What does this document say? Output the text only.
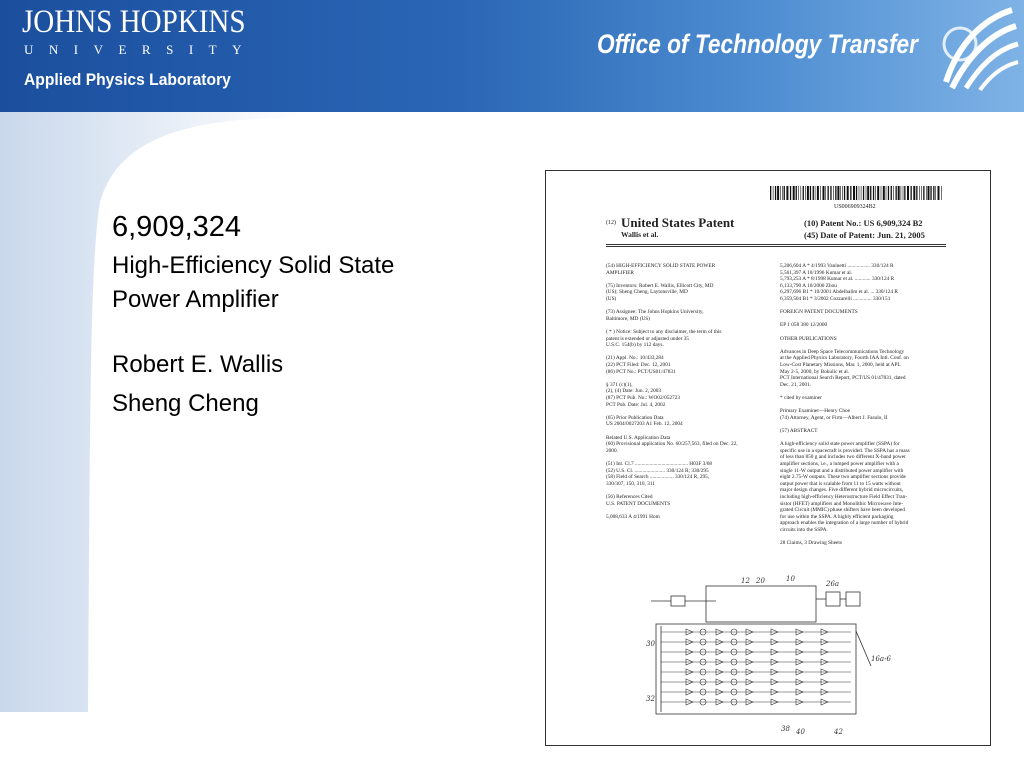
JOHNS HOPKINS
UNIVERSITY
Applied Physics Laboratory
Office of Technology Transfer
6,909,324
High-Efficiency Solid State
Power Amplifier
Robert E. Wallis
Sheng Cheng
US006909324B2
(12) United States Patent
Wallis et al.
(10) Patent No.: US 6,909,324 B2
(45) Date of Patent: Jun. 21, 2005
(54) HIGH-EFFICIENCY SOLID STATE POWER
AMPLIFIER
(75) Inventors: Robert E. Wallis, Ellicott City, MD
(US); Sheng Cheng, Laytonsville, MD
(US)
(73) Assignee: The Johns Hopkins University,
Baltimore, MD (US)
( * ) Notice: Subject to any disclaimer, the term of this
patent is extended or adjusted under 35
U.S.C. 154(b) by 112 days.
(21) Appl. No.: 10/433,284
(22) PCT Filed: Dec. 12, 2001
(86) PCT No.: PCT/US01/47831
§ 371 (c)(1),
(2), (4) Date: Jun. 2, 2003
(87) PCT Pub. No.: WO02/052723
PCT Pub. Date: Jul. 4, 2002
(65) Prior Publication Data
US 2004/0027203 A1 Feb. 12, 2004
Related U.S. Application Data
(60) Provisional application No. 60/257,563, filed on Dec. 22,
2000.
(51) Int. Cl.7 ........................................ H03F 3/68
(52) U.S. Cl. ....................... 330/124 R; 330/295
(58) Field of Search .................. 330/124 R, 295,
330/307, 150, 310, 311
(56) References Cited
U.S. PATENT DOCUMENTS
5,008,633 A 4/1991 Hom
5,206,604 A * 4/1993 Vaninetti ................. 330/124 R
5,561,397 A 10/1996 Kumar et al.
5,793,253 A * 8/1998 Kumar et al. ............ 330/124 R
6,133,790 A 10/2000 Zhou
6,297,696 B1 * 10/2001 Abdelhalim et al. ... 330/124 R
6,359,504 B1 * 3/2002 Cozzarelli .............. 330/151
FOREIGN PATENT DOCUMENTS
EP 1 058 380 12/2000
OTHER PUBLICATIONS
Advances in Deep Space Telecommunications Technology
at the Applied Physics Laboratory, Fourth IAA Intl. Conf. on
Low-Cost Planetary Missions, Mar. 1, 2000, held at APL
May 2-5, 2000, by Bokulic et al.
PCT International Search Report, PCT/US 01/47831, dated
Dec. 21, 2001.
* cited by examiner
Primary Examiner—Henry Choe
(74) Attorney, Agent, or Firm—Albert J. Fasulo, II
(57) ABSTRACT
A high-efficiency solid state power amplifier (SSPA) for
specific use in a spacecraft is provided. The SSPA has a mass
of less than 850 g and includes two different X-band power
amplifier sections, i.e., a lumped power amplifier with a
single 11-W output and a distributed power amplifier with
eight 2.75-W outputs. These two amplifier sections provide
output power that is scalable from 11 to 15 watts without
major design changes. Five different hybrid microcircuits,
including high-efficiency Heterostructure Field Effect Tran-
sistor (HFET) amplifiers and Monolithic Microwave Inte-
grated Circuit (MMIC) phase shifters have been developed
for use within the SSPA. A highly efficient packaging
approach enables the integration of a large number of hybrid
circuits into the SSPA.
28 Claims, 3 Drawing Sheets
12 20	10
26a
30
32
16a-6
38 40	42
